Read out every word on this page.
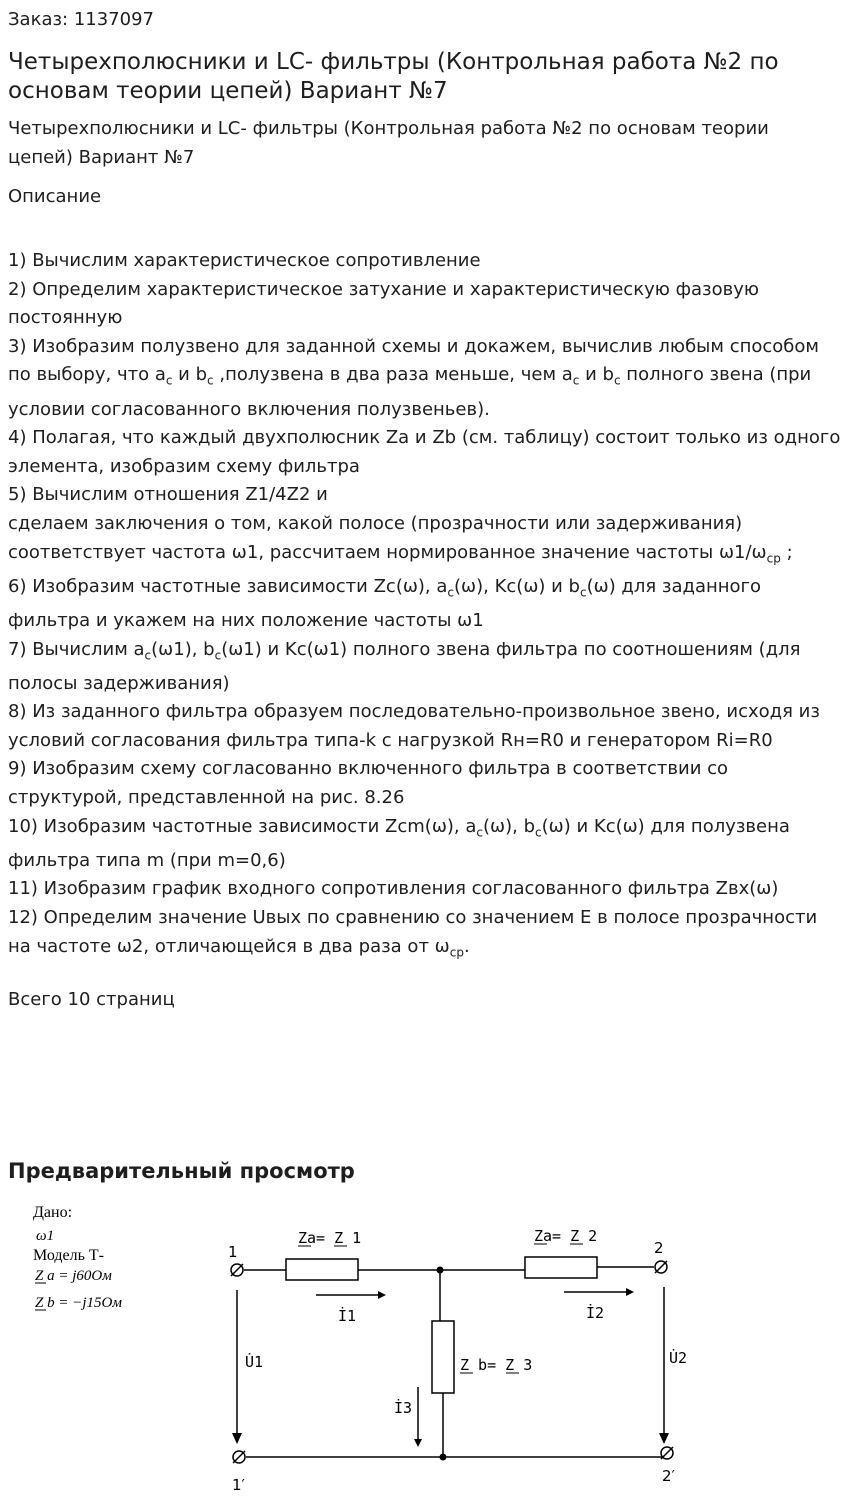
Заказ: 1137097
Четырехполюсники и LC- фильтры (Контрольная работа №2 по основам теории цепей) Вариант №7
Четырехполюсники и LC- фильтры (Контрольная работа №2 по основам теории цепей) Вариант №7
Описание
1) Вычислим характеристическое сопротивление
2) Определим характеристическое затухание и характеристическую фазовую постоянную
3) Изобразим полузвено для заданной схемы и докажем, вычислив любым способом по выбору, что $a_c$ и $b_c$ ,полузвена в два раза меньше, чем $a_c$ и $b_c$ полного звена (при условии согласованного включения полузвеньев).
4) Полагая, что каждый двухполюсник Za и Zb (см. таблицу) состоит только из одного элемента, изобразим схему фильтра
5) Вычислим отношения Z1/4Z2 и
сделаем заключения о том, какой полосе (прозрачности или задерживания) соответствует частота ω1, рассчитаем нормированное значение частоты $\omega 1/\omega_{cp}$ ;
6) Изобразим частотные зависимости Zc(ω), $a_c(\omega)$, Kc(ω) и $b_c(\omega)$ для заданного фильтра и укажем на них положение частоты ω1
7) Вычислим $a_c(\omega 1)$, $b_c(\omega 1)$ и Kc(ω1) полного звена фильтра по соотношениям (для полосы задерживания)
8) Из заданного фильтра образуем последовательно-произвольное звено, исходя из условий согласования фильтра типа-k с нагрузкой Rн=R0 и генератором Ri=R0
9) Изобразим схему согласованно включенного фильтра в соответствии со структурой, представленной на рис. 8.26
10) Изобразим частотные зависимости Zcm(ω), $a_c(\omega)$, $b_c(\omega)$ и Kc(ω) для полузвена фильтра типа m (при m=0,6)
11) Изобразим график входного сопротивления согласованного фильтра Zвх(ω)
12) Определим значение Uвых по сравнению со значением E в полосе прозрачности на частоте ω2, отличающейся в два раза от $\omega_{cp}$.
Всего 10 страниц
Предварительный просмотр
Дано:
ω1
Модель Т-
Z a = j60Ом
Z b = −j15Ом
Za= Z 1	Za= Z 2
Z b= Z 3
İ1	İ2
İ3
U̇1	U̇2
1	2
1′	2′
